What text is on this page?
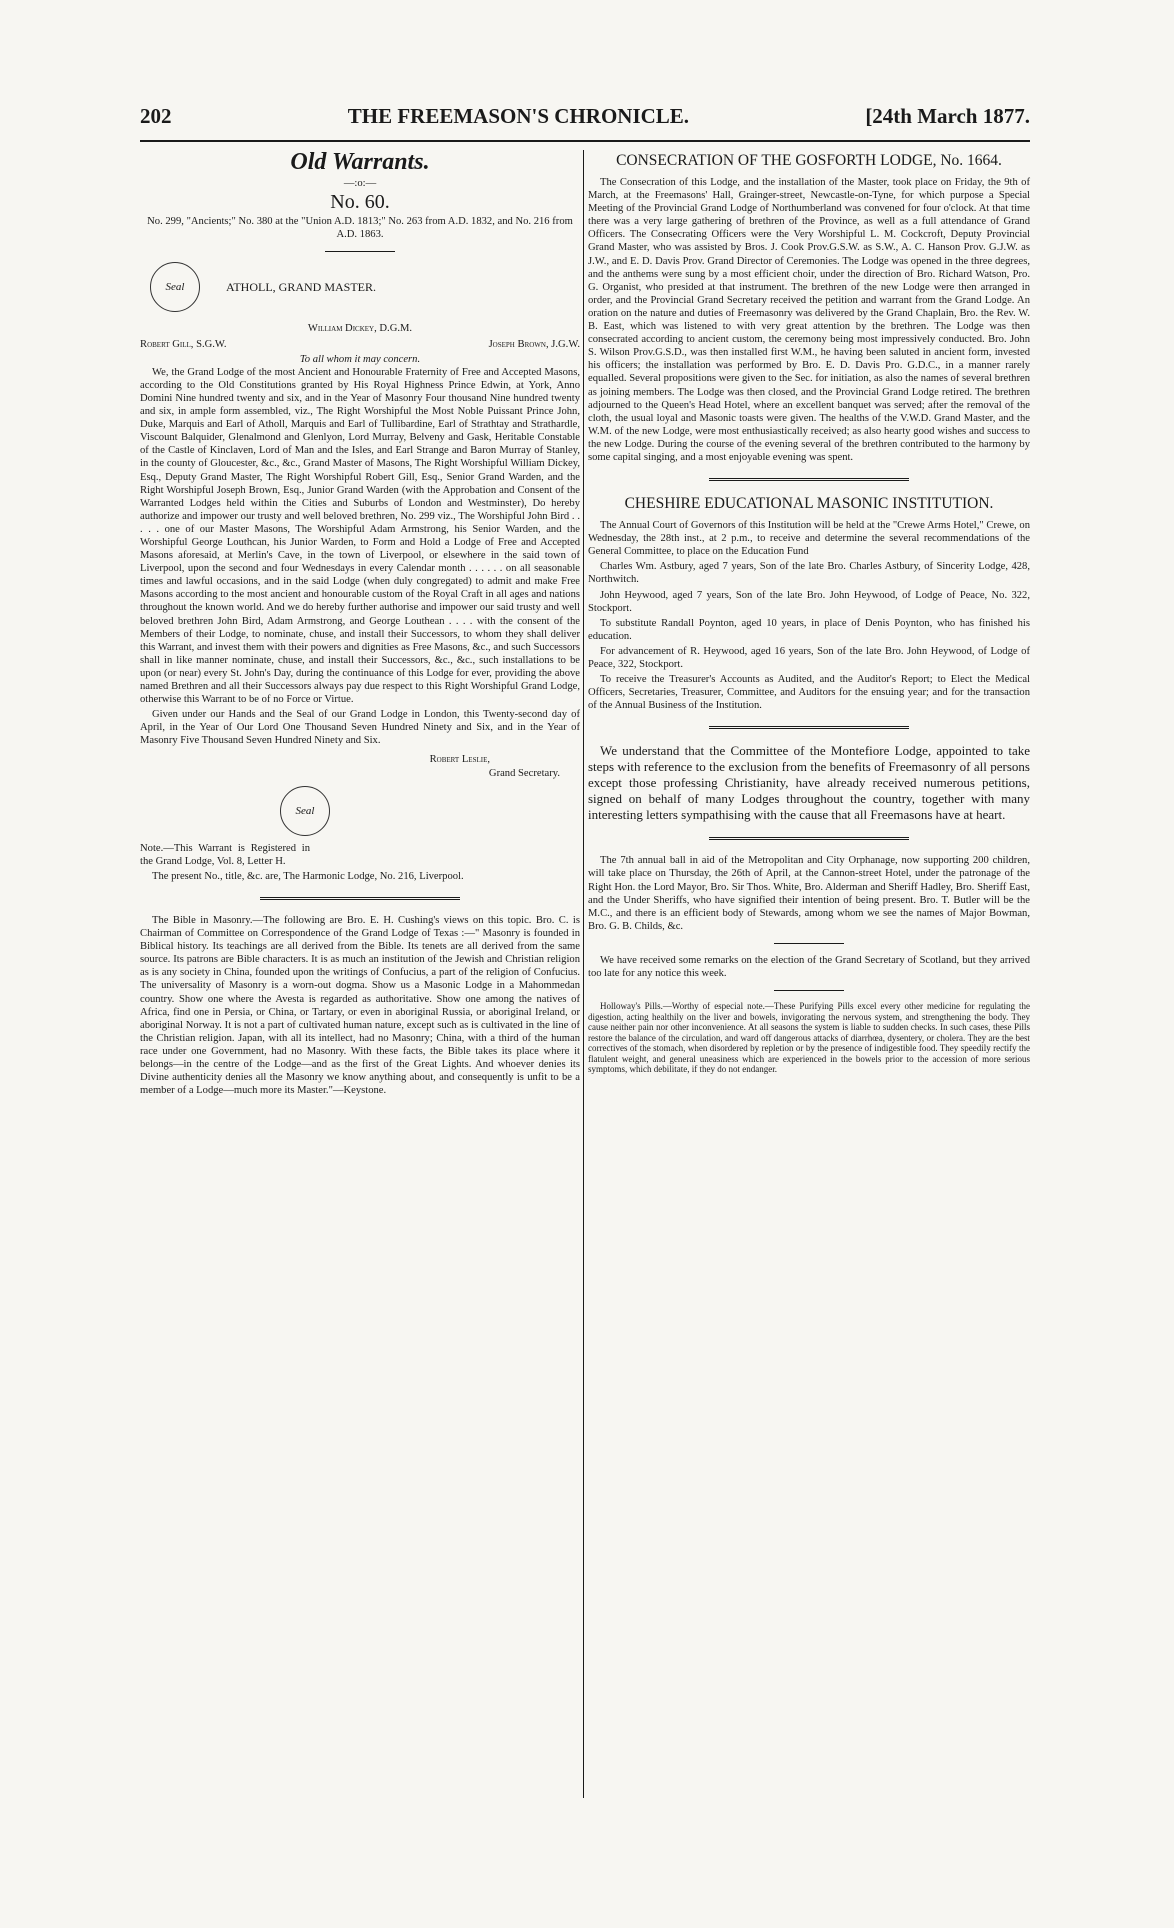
202	THE FREEMASON'S CHRONICLE.	[24th March 1877.
Old Warrants.
—:o:—
No. 60.

No. 299, "Ancients;" No. 380 at the "Union A.D. 1813;" No. 263 from A.D. 1832, and No. 216 from A.D. 1863.

Seal	ATHOLL, GRAND MASTER.
William Dickey, D.G.M.
Robert Gill, S.G.W.	Joseph Brown, J.G.W.
To all whom it may concern.

We, the Grand Lodge of the most Ancient and Honourable Fraternity of Free and Accepted Masons, according to the Old Constitutions granted by His Royal Highness Prince Edwin, at York, Anno Domini Nine hundred twenty and six, and in the Year of Masonry Four thousand Nine hundred twenty and six, in ample form assembled, viz., The Right Worshipful the Most Noble Puissant Prince John, Duke, Marquis and Earl of Atholl, Marquis and Earl of Tullibardine, Earl of Strathtay and Strathardle, Viscount Balquider, Glenalmond and Glenlyon, Lord Murray, Belveny and Gask, Heritable Constable of the Castle of Kinclaven, Lord of Man and the Isles, and Earl Strange and Baron Murray of Stanley, in the county of Gloucester, &c., &c., Grand Master of Masons, The Right Worshipful William Dickey, Esq., Deputy Grand Master, The Right Worshipful Robert Gill, Esq., Senior Grand Warden, and the Right Worshipful Joseph Brown, Esq., Junior Grand Warden (with the Approbation and Consent of the Warranted Lodges held within the Cities and Suburbs of London and Westminster), Do hereby authorize and impower our trusty and well beloved brethren, No. 299 viz., The Worshipful John Bird . . . . . one of our Master Masons, The Worshipful Adam Armstrong, his Senior Warden, and the Worshipful George Louthcan, his Junior Warden, to Form and Hold a Lodge of Free and Accepted Masons aforesaid, at Merlin's Cave, in the town of Liverpool, or elsewhere in the said town of Liverpool, upon the second and four Wednesdays in every Calendar month . . . . . . on all seasonable times and lawful occasions, and in the said Lodge (when duly congregated) to admit and make Free Masons according to the most ancient and honourable custom of the Royal Craft in all ages and nations throughout the known world. And we do hereby further authorise and impower our said trusty and well beloved brethren John Bird, Adam Armstrong, and George Louthean . . . . with the consent of the Members of their Lodge, to nominate, chuse, and install their Successors, to whom they shall deliver this Warrant, and invest them with their powers and dignities as Free Masons, &c., and such Successors shall in like manner nominate, chuse, and install their Successors, &c., &c., such installations to be upon (or near) every St. John's Day, during the continuance of this Lodge for ever, providing the above named Brethren and all their Successors always pay due respect to this Right Worshipful Grand Lodge, otherwise this Warrant to be of no Force or Virtue.

Given under our Hands and the Seal of our Grand Lodge in London, this Twenty-second day of April, in the Year of Our Lord One Thousand Seven Hundred Ninety and Six, and in the Year of Masonry Five Thousand Seven Hundred Ninety and Six.

Robert Leslie,
Grand Secretary.
Seal

Note.—This Warrant is Registered in the Grand Lodge, Vol. 8, Letter H.

The present No., title, &c. are, The Harmonic Lodge, No. 216, Liverpool.

The Bible in Masonry.—The following are Bro. E. H. Cushing's views on this topic. Bro. C. is Chairman of Committee on Correspondence of the Grand Lodge of Texas :—" Masonry is founded in Biblical history. Its teachings are all derived from the Bible. Its tenets are all derived from the same source. Its patrons are Bible characters. It is as much an institution of the Jewish and Christian religion as is any society in China, founded upon the writings of Confucius, a part of the religion of Confucius. The universality of Masonry is a worn-out dogma. Show us a Masonic Lodge in a Mahommedan country. Show one where the Avesta is regarded as authoritative. Show one among the natives of Africa, find one in Persia, or China, or Tartary, or even in aboriginal Russia, or aboriginal Ireland, or aboriginal Norway. It is not a part of cultivated human nature, except such as is cultivated in the line of the Christian religion. Japan, with all its intellect, had no Masonry; China, with a third of the human race under one Government, had no Masonry. With these facts, the Bible takes its place where it belongs—in the centre of the Lodge—and as the first of the Great Lights. And whoever denies its Divine authenticity denies all the Masonry we know anything about, and consequently is unfit to be a member of a Lodge—much more its Master."—Keystone.

CONSECRATION OF THE GOSFORTH LODGE, No. 1664.

The Consecration of this Lodge, and the installation of the Master, took place on Friday, the 9th of March, at the Freemasons' Hall, Grainger-street, Newcastle-on-Tyne, for which purpose a Special Meeting of the Provincial Grand Lodge of Northumberland was convened for four o'clock. At that time there was a very large gathering of brethren of the Province, as well as a full attendance of Grand Officers. The Consecrating Officers were the Very Worshipful L. M. Cockcroft, Deputy Provincial Grand Master, who was assisted by Bros. J. Cook Prov.G.S.W. as S.W., A. C. Hanson Prov. G.J.W. as J.W., and E. D. Davis Prov. Grand Director of Ceremonies. The Lodge was opened in the three degrees, and the anthems were sung by a most efficient choir, under the direction of Bro. Richard Watson, Pro. G. Organist, who presided at that instrument. The brethren of the new Lodge were then arranged in order, and the Provincial Grand Secretary received the petition and warrant from the Grand Lodge. An oration on the nature and duties of Freemasonry was delivered by the Grand Chaplain, Bro. the Rev. W. B. East, which was listened to with very great attention by the brethren. The Lodge was then consecrated according to ancient custom, the ceremony being most impressively conducted. Bro. John S. Wilson Prov.G.S.D., was then installed first W.M., he having been saluted in ancient form, invested his officers; the installation was performed by Bro. E. D. Davis Pro. G.D.C., in a manner rarely equalled. Several propositions were given to the Sec. for initiation, as also the names of several brethren as joining members. The Lodge was then closed, and the Provincial Grand Lodge retired. The brethren adjourned to the Queen's Head Hotel, where an excellent banquet was served; after the removal of the cloth, the usual loyal and Masonic toasts were given. The healths of the V.W.D. Grand Master, and the W.M. of the new Lodge, were most enthusiastically received; as also hearty good wishes and success to the new Lodge. During the course of the evening several of the brethren contributed to the harmony by some capital singing, and a most enjoyable evening was spent.

CHESHIRE EDUCATIONAL MASONIC INSTITUTION.

The Annual Court of Governors of this Institution will be held at the "Crewe Arms Hotel," Crewe, on Wednesday, the 28th inst., at 2 p.m., to receive and determine the several recommendations of the General Committee, to place on the Education Fund

Charles Wm. Astbury, aged 7 years, Son of the late Bro. Charles Astbury, of Sincerity Lodge, 428, Northwitch.

John Heywood, aged 7 years, Son of the late Bro. John Heywood, of Lodge of Peace, No. 322, Stockport.

To substitute Randall Poynton, aged 10 years, in place of Denis Poynton, who has finished his education.

For advancement of R. Heywood, aged 16 years, Son of the late Bro. John Heywood, of Lodge of Peace, 322, Stockport.

To receive the Treasurer's Accounts as Audited, and the Auditor's Report; to Elect the Medical Officers, Secretaries, Treasurer, Committee, and Auditors for the ensuing year; and for the transaction of the Annual Business of the Institution.

We understand that the Committee of the Montefiore Lodge, appointed to take steps with reference to the exclusion from the benefits of Freemasonry of all persons except those professing Christianity, have already received numerous petitions, signed on behalf of many Lodges throughout the country, together with many interesting letters sympathising with the cause that all Freemasons have at heart.

The 7th annual ball in aid of the Metropolitan and City Orphanage, now supporting 200 children, will take place on Thursday, the 26th of April, at the Cannon-street Hotel, under the patronage of the Right Hon. the Lord Mayor, Bro. Sir Thos. White, Bro. Alderman and Sheriff Hadley, Bro. Sheriff East, and the Under Sheriffs, who have signified their intention of being present. Bro. T. Butler will be the M.C., and there is an efficient body of Stewards, among whom we see the names of Major Bowman, Bro. G. B. Childs, &c.

We have received some remarks on the election of the Grand Secretary of Scotland, but they arrived too late for any notice this week.

Holloway's Pills.—Worthy of especial note.—These Purifying Pills excel every other medicine for regulating the digestion, acting healthily on the liver and bowels, invigorating the nervous system, and strengthening the body. They cause neither pain nor other inconvenience. At all seasons the system is liable to sudden checks. In such cases, these Pills restore the balance of the circulation, and ward off dangerous attacks of diarrhœa, dysentery, or cholera. They are the best correctives of the stomach, when disordered by repletion or by the presence of indigestible food. They speedily rectify the flatulent weight, and general uneasiness which are experienced in the bowels prior to the accession of more serious symptoms, which debilitate, if they do not endanger.
